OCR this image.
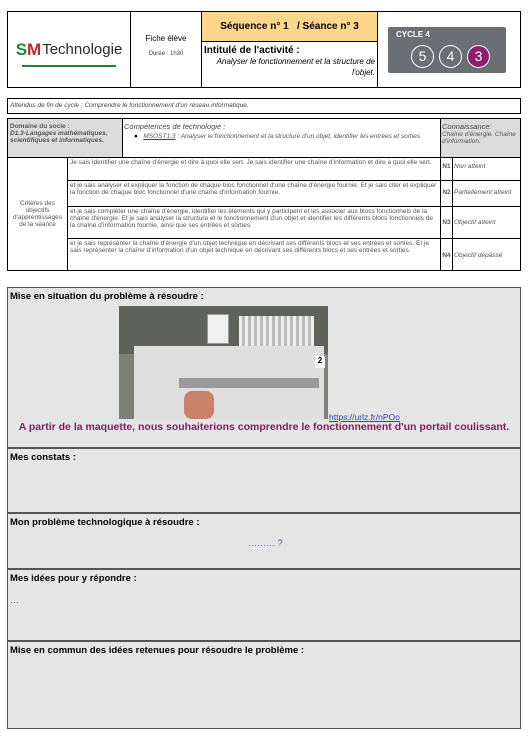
SM Technologie
Fiche élève
Durée : 1h30
Séquence n° 1 / Séance n° 3
Intitulé de l'activité :
Analyser le fonctionnement et la structure de l'objet.
CYCLE 4
5	4	3
Attendus de fin de cycle : Comprendre le fonctionnement d'un réseau informatique.
Domaine du socle :
D1.3-Langages mathématiques, scientifiques et informatiques.
Compétences de technologie :
● MSOST1.3 : Analyser le fonctionnement et la structure d'un objet, identifier les entrées et sorties
Connaissance:
Chaîne d'énergie. Chaîne d'information.
Critères des objectifs d'apprentissages de la séance
Je sais identifier une chaîne d'énergie et dire à quoi elle sert. Je sais identifier une chaîne d'information et dire à quoi elle sert.
et je sais analyser et expliquer la fonction de chaque bloc fonctionnel d'une chaîne d'énergie fournie. Et je sais citer et expliquer la fonction de chaque bloc fonctionnel d'une chaîne d'information fournie.
et je sais compléter une chaîne d'énergie, identifier les éléments qui y participent et les associer aux blocs fonctionnels de la chaîne d'énergie. Et je sais analyser la structure et le fonctionnement d'un objet et identifier les différents blocs fonctionnels de la chaîne d'information fournie, ainsi que ses entrées et sorties.
et je sais représenter la chaîne d'énergie d'un objet technique en décrivant ses différents blocs et ses entrées et sorties. Et je sais représenter la chaîne d'information d'un objet technique en décrivant ses différents blocs et ses entrées et sorties.
N1 Non atteint
N2 Partiellement atteint
N3 Objectif atteint
N4 Objectif dépassé
Mise en situation du problème à résoudre :
2
https://urlz.fr/nPOo
A partir de la maquette, nous souhaiterions comprendre le fonctionnement d'un portail coulissant.
Mes constats :
Mon problème technologique à résoudre :
……… ?
Mes idées pour y répondre :
…
Mise en commun des idées retenues pour résoudre le problème :
